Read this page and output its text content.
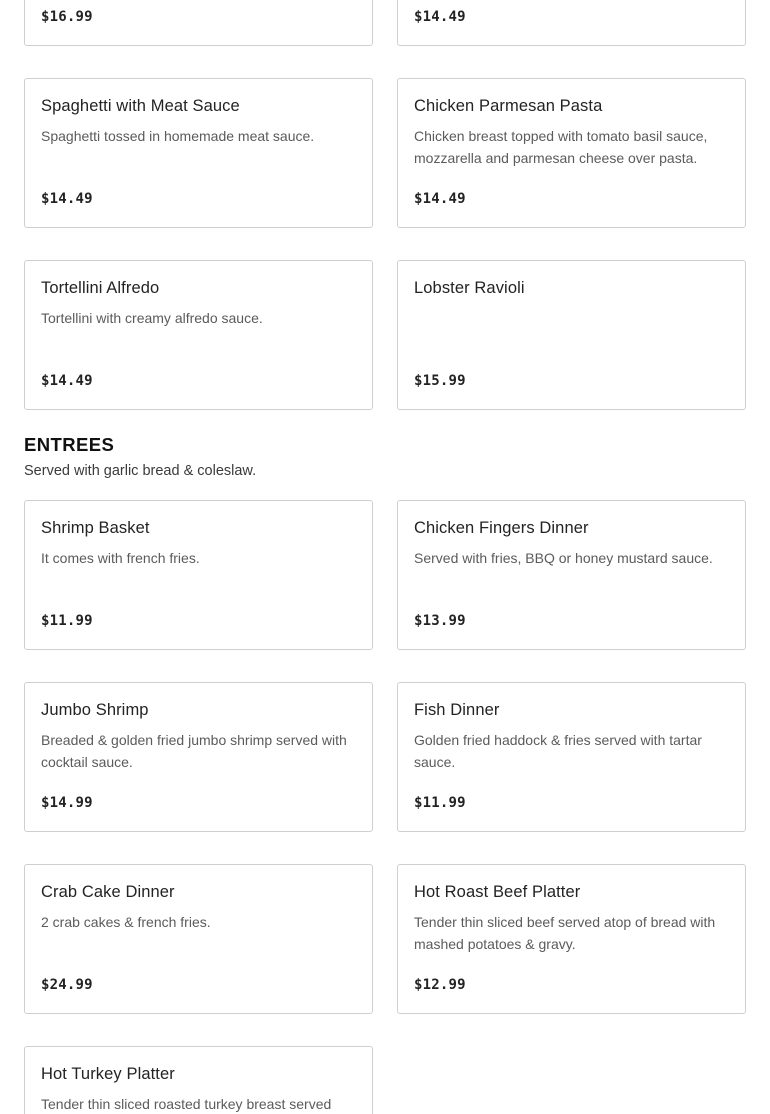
$16.99	$14.49
Spaghetti with Meat Sauce
Spaghetti tossed in homemade meat sauce.
$14.49
Chicken Parmesan Pasta
Chicken breast topped with tomato basil sauce, mozzarella and parmesan cheese over pasta.
$14.49
Tortellini Alfredo
Tortellini with creamy alfredo sauce.
$14.49
Lobster Ravioli
$15.99
ENTREES
Served with garlic bread & coleslaw.
Shrimp Basket
It comes with french fries.
$11.99
Chicken Fingers Dinner
Served with fries, BBQ or honey mustard sauce.
$13.99
Jumbo Shrimp
Breaded & golden fried jumbo shrimp served with cocktail sauce.
$14.99
Fish Dinner
Golden fried haddock & fries served with tartar sauce.
$11.99
Crab Cake Dinner
2 crab cakes & french fries.
$24.99
Hot Roast Beef Platter
Tender thin sliced beef served atop of bread with mashed potatoes & gravy.
$12.99
Hot Turkey Platter
Tender thin sliced roasted turkey breast served
